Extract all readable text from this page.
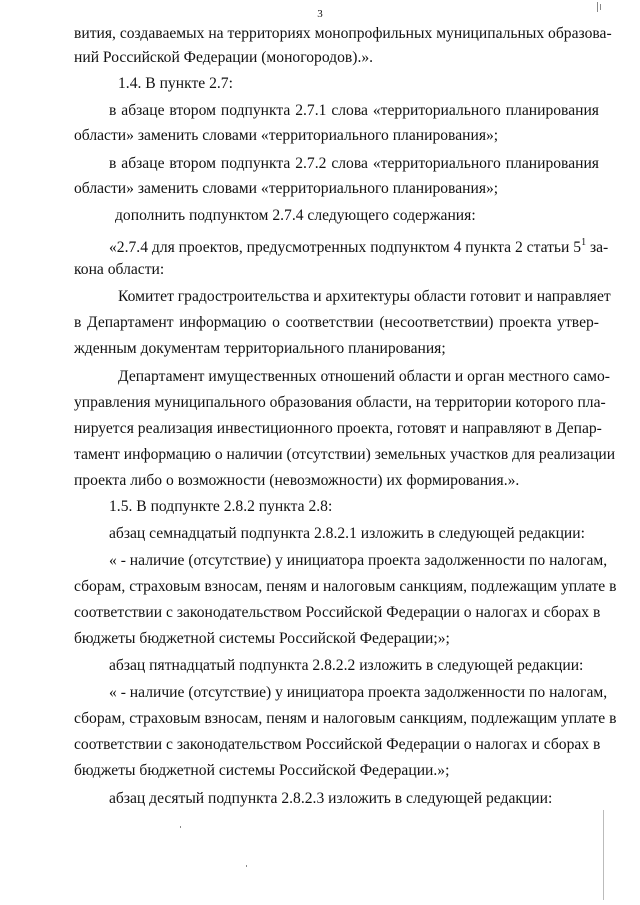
3
вития, создаваемых на территориях монопрофильных муниципальных образова-
ний Российской Федерации (моногородов).».
1.4. В пункте 2.7:
в абзаце втором подпункта 2.7.1 слова «территориального планирования
области» заменить словами «территориального планирования»;
в абзаце втором подпункта 2.7.2 слова «территориального планирования
области» заменить словами «территориального планирования»;
дополнить подпунктом 2.7.4 следующего содержания:
«2.7.4 для проектов, предусмотренных подпунктом 4 пункта 2 статьи $5^1$ за-
кона области:
Комитет градостроительства и архитектуры области готовит и направляет
в Департамент информацию о соответствии (несоответствии) проекта утвер-
жденным документам территориального планирования;
Департамент имущественных отношений области и орган местного само-
управления муниципального образования области, на территории которого пла-
нируется реализация инвестиционного проекта, готовят и направляют в Депар-
тамент информацию о наличии (отсутствии) земельных участков для реализации
проекта либо о возможности (невозможности) их формирования.».
1.5. В подпункте 2.8.2 пункта 2.8:
абзац семнадцатый подпункта 2.8.2.1 изложить в следующей редакции:
« - наличие (отсутствие) у инициатора проекта задолженности по налогам,
сборам, страховым взносам, пеням и налоговым санкциям, подлежащим уплате в
соответствии с законодательством Российской Федерации о налогах и сборах в
бюджеты бюджетной системы Российской Федерации;»;
абзац пятнадцатый подпункта 2.8.2.2 изложить в следующей редакции:
« - наличие (отсутствие) у инициатора проекта задолженности по налогам,
сборам, страховым взносам, пеням и налоговым санкциям, подлежащим уплате в
соответствии с законодательством Российской Федерации о налогах и сборах в
бюджеты бюджетной системы Российской Федерации.»;
абзац десятый подпункта 2.8.2.3 изложить в следующей редакции:
